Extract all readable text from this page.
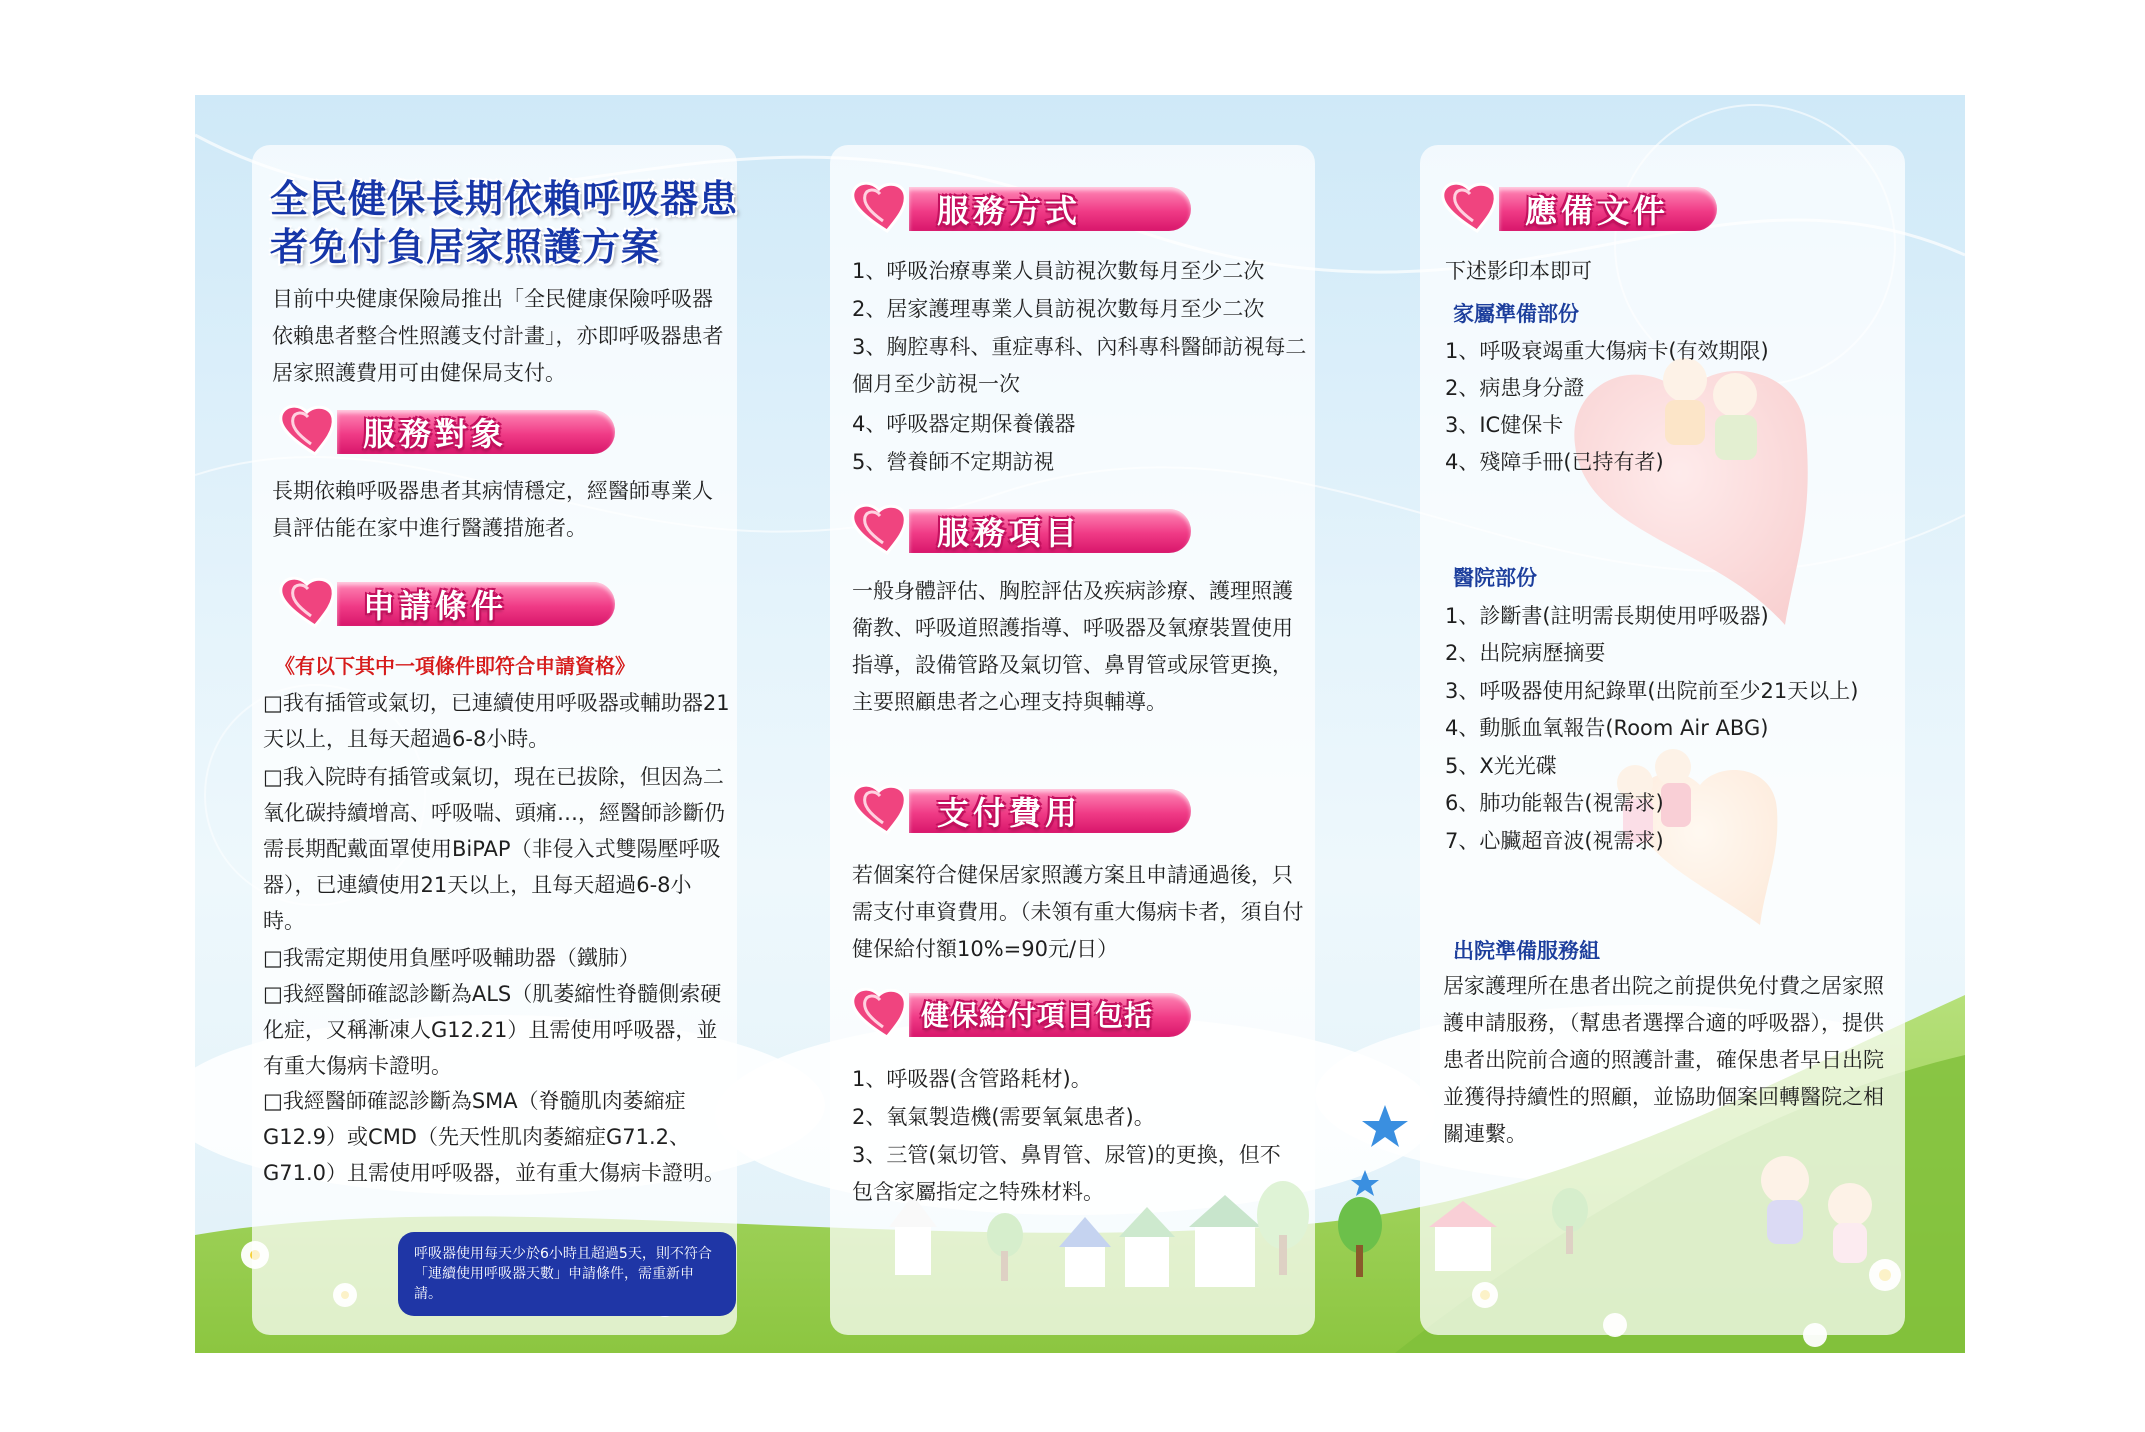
全民健保長期依賴呼吸器患者免付負居家照護方案
目前中央健康保險局推出「全民健康保險呼吸器依賴患者整合性照護支付計畫」，亦即呼吸器患者居家照護費用可由健保局支付。
服務對象
長期依賴呼吸器患者其病情穩定，經醫師專業人員評估能在家中進行醫護措施者。
申請條件
《有以下其中一項條件即符合申請資格》
□我有插管或氣切，已連續使用呼吸器或輔助器21天以上，且每天超過6-8小時。
□我入院時有插管或氣切，現在已拔除，但因為二氧化碳持續增高、呼吸喘、頭痛…，經醫師診斷仍需長期配戴面罩使用BiPAP（非侵入式雙陽壓呼吸器），已連續使用21天以上，且每天超過6-8小時。
□我需定期使用負壓呼吸輔助器（鐵肺）
□我經醫師確認診斷為ALS（肌萎縮性脊髓側索硬化症，又稱漸凍人G12.21）且需使用呼吸器，並有重大傷病卡證明。
□我經醫師確認診斷為SMA（脊髓肌肉萎縮症G12.9）或CMD（先天性肌肉萎縮症G71.2、G71.0）且需使用呼吸器，並有重大傷病卡證明。
呼吸器使用每天少於6小時且超過5天，則不符合「連續使用呼吸器天數」申請條件，需重新申請。
服務方式
1、呼吸治療專業人員訪視次數每月至少二次
2、居家護理專業人員訪視次數每月至少二次
3、胸腔專科、重症專科、內科專科醫師訪視每二個月至少訪視一次
4、呼吸器定期保養儀器
5、營養師不定期訪視
服務項目
一般身體評估、胸腔評估及疾病診療、護理照護衛教、呼吸道照護指導、呼吸器及氧療裝置使用指導，設備管路及氣切管、鼻胃管或尿管更換，主要照顧患者之心理支持與輔導。
支付費用
若個案符合健保居家照護方案且申請通過後，只需支付車資費用。（未領有重大傷病卡者，須自付健保給付額10%=90元/日）
健保給付項目包括
1、呼吸器(含管路耗材)。
2、氧氣製造機(需要氧氣患者)。
3、三管(氣切管、鼻胃管、尿管)的更換，但不包含家屬指定之特殊材料。
應備文件
下述影印本即可
家屬準備部份
1、呼吸衰竭重大傷病卡(有效期限)
2、病患身分證
3、IC健保卡
4、殘障手冊(已持有者)
醫院部份
1、診斷書(註明需長期使用呼吸器)
2、出院病歷摘要
3、呼吸器使用紀錄單(出院前至少21天以上)
4、動脈血氧報告(Room Air ABG)
5、X光光碟
6、肺功能報告(視需求)
7、心臟超音波(視需求)
出院準備服務組
居家護理所在患者出院之前提供免付費之居家照護申請服務，（幫患者選擇合適的呼吸器），提供患者出院前合適的照護計畫，確保患者早日出院並獲得持續性的照顧，並協助個案回轉醫院之相關連繫。
